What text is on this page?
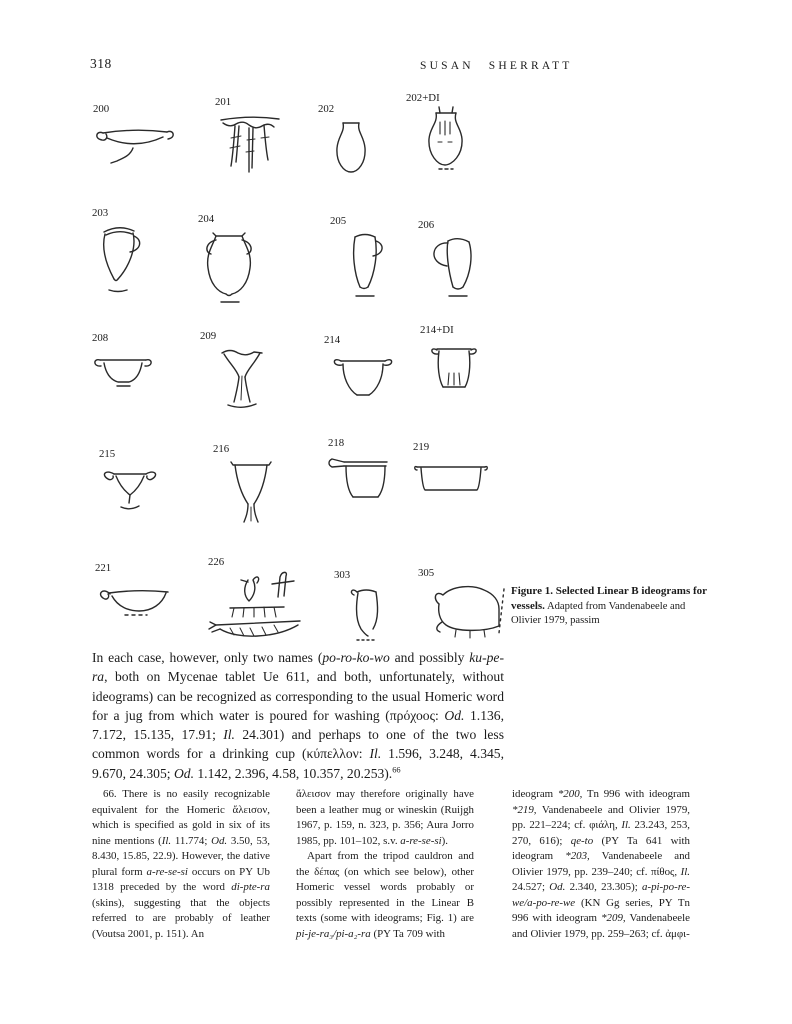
318	SUSAN SHERRATT
200
201
202
202+DI
203	204	205	206
208	209	214
214+DI
215	216	218	219
221	226
303	305
Figure 1. Selected Linear B ideograms for vessels. Adapted from Vandenabeele and Olivier 1979, passim
In each case, however, only two names (po-ro-ko-wo and possibly ku-pe-ra, both on Mycenae tablet Ue 611, and both, unfortunately, without ideograms) can be recognized as corresponding to the usual Homeric word for a jug from which water is poured for washing (πρόχοος: Od. 1.136, 7.172, 15.135, 17.91; Il. 24.301) and perhaps to one of the two less common words for a drinking cup (κύπελλον: Il. 1.596, 3.248, 4.345, 9.670, 24.305; Od. 1.142, 2.396, 4.58, 10.357, 20.253).$^{66}$

66. There is no easily recognizable equivalent for the Homeric ἄλεισον, which is specified as gold in six of its nine mentions (Il. 11.774; Od. 3.50, 53, 8.430, 15.85, 22.9). However, the dative plural form a-re-se-si occurs on PY Ub 1318 preceded by the word di-pte-ra (skins), suggesting that the objects referred to are probably of leather (Voutsa 2001, p. 151). An

ἄλεισον may therefore originally have been a leather mug or wineskin (Ruijgh 1967, p. 159, n. 323, p. 356; Aura Jorro 1985, pp. 101–102, s.v. a-re-se-si).

Apart from the tripod cauldron and the δέπας (on which see below), other Homeric vessel words probably or possibly represented in the Linear B texts (some with ideograms; Fig. 1) are pi-je-ra₃/pi-a₂-ra (PY Ta 709 with

ideogram *200, Tn 996 with ideogram *219, Vandenabeele and Olivier 1979, pp. 221–224; cf. φιάλη, Il. 23.243, 253, 270, 616); qe-to (PY Ta 641 with ideogram *203, Vandenabeele and Olivier 1979, pp. 239–240; cf. πίθος, Il. 24.527; Od. 2.340, 23.305); a-pi-po-re-we/a-po-re-we (KN Gg series, PY Tn 996 with ideogram *209, Vandenabeele and Olivier 1979, pp. 259–263; cf. ἀμφι-
